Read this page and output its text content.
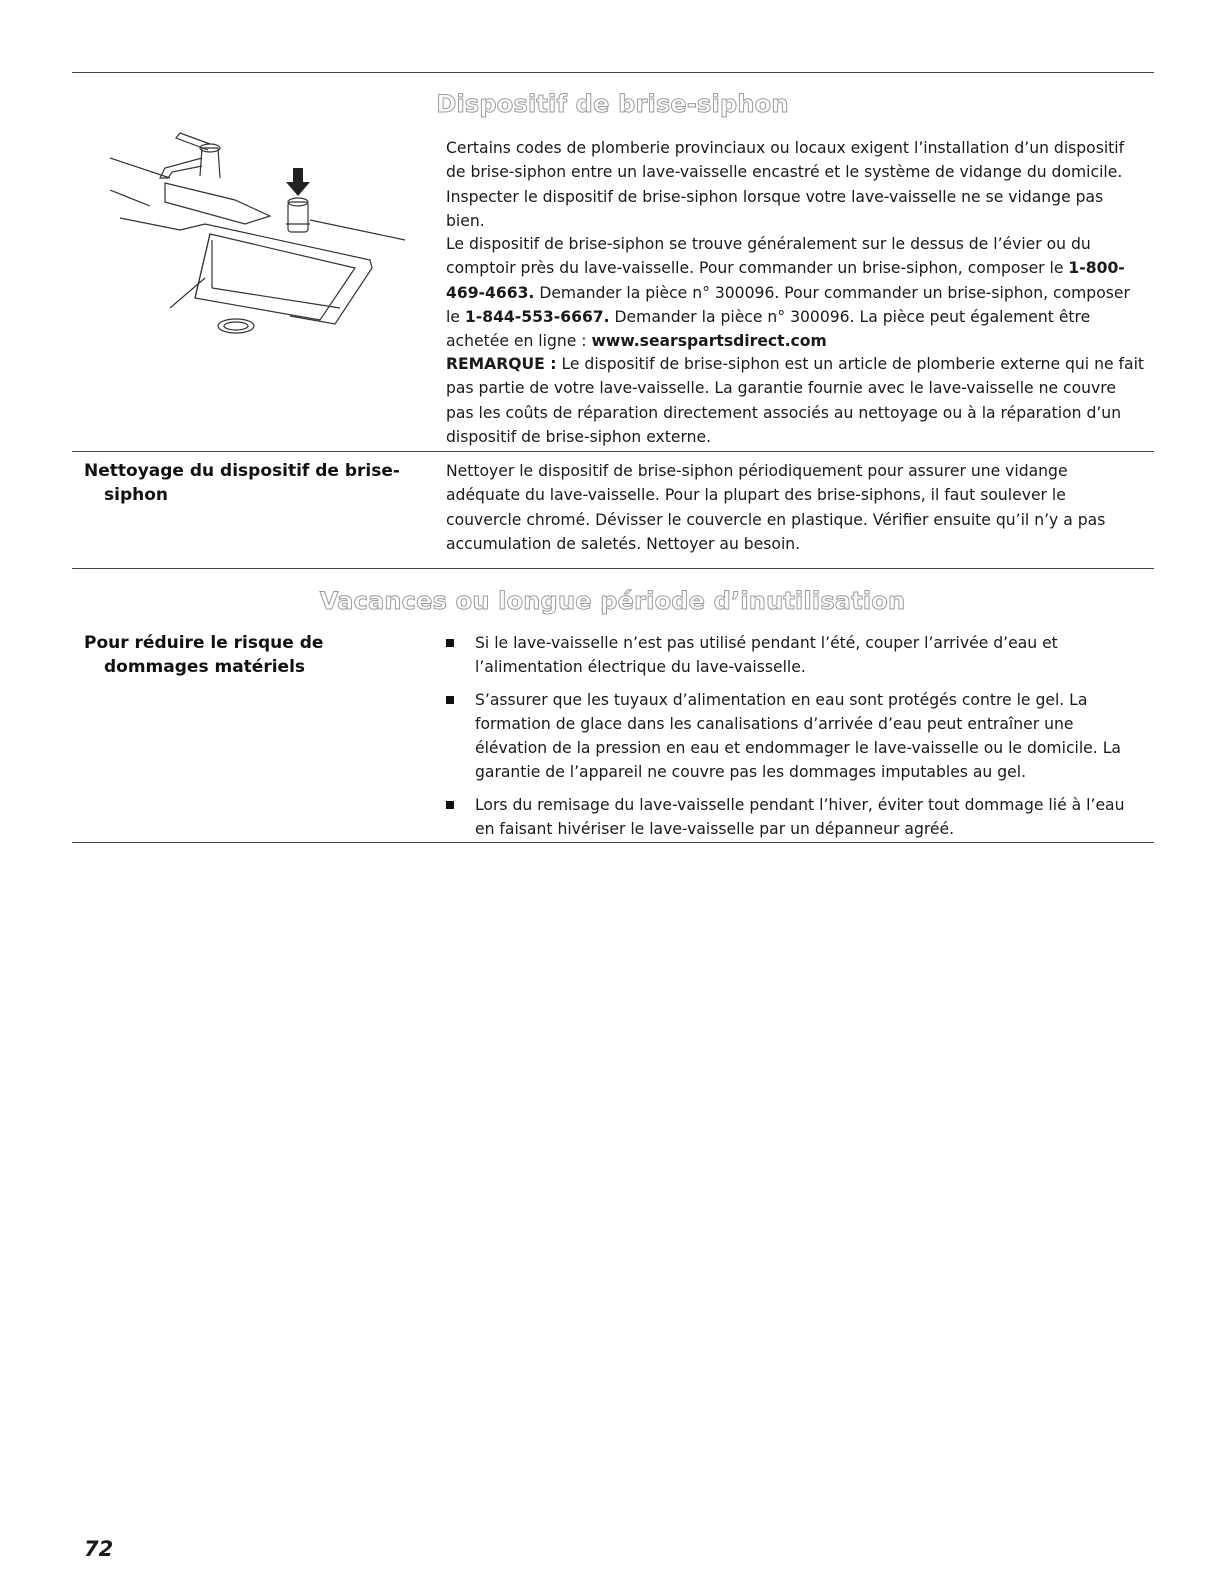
Dispositif de brise-siphon

Certains codes de plomberie provinciaux ou locaux exigent l’installation d’un dispositif de brise-siphon entre un lave-vaisselle encastré et le système de vidange du domicile. Inspecter le dispositif de brise-siphon lorsque votre lave-vaisselle ne se vidange pas bien.

Le dispositif de brise-siphon se trouve généralement sur le dessus de l’évier ou du comptoir près du lave-vaisselle. Pour commander un brise-siphon, composer le 1-800-469-4663. Demander la pièce n° 300096. Pour commander un brise-siphon, composer le 1-844-553-6667. Demander la pièce n° 300096. La pièce peut également être achetée en ligne : www.searspartsdirect.com

REMARQUE : Le dispositif de brise-siphon est un article de plomberie externe qui ne fait pas partie de votre lave-vaisselle. La garantie fournie avec le lave-vaisselle ne couvre pas les coûts de réparation directement associés au nettoyage ou à la réparation d’un dispositif de brise-siphon externe.

Nettoyage du dispositif de brise-siphon

Nettoyer le dispositif de brise-siphon périodiquement pour assurer une vidange adéquate du lave-vaisselle. Pour la plupart des brise-siphons, il faut soulever le couvercle chromé. Dévisser le couvercle en plastique. Vérifier ensuite qu’il n’y a pas accumulation de saletés. Nettoyer au besoin.

Vacances ou longue période d’inutilisation

Pour réduire le risque de dommages matériels

Si le lave-vaisselle n’est pas utilisé pendant l’été, couper l’arrivée d’eau et l’alimentation électrique du lave-vaisselle.
S’assurer que les tuyaux d’alimentation en eau sont protégés contre le gel. La formation de glace dans les canalisations d’arrivée d’eau peut entraîner une élévation de la pression en eau et endommager le lave-vaisselle ou le domicile. La garantie de l’appareil ne couvre pas les dommages imputables au gel.
Lors du remisage du lave-vaisselle pendant l’hiver, éviter tout dommage lié à l’eau en faisant hivériser le lave-vaisselle par un dépanneur agréé.
72
